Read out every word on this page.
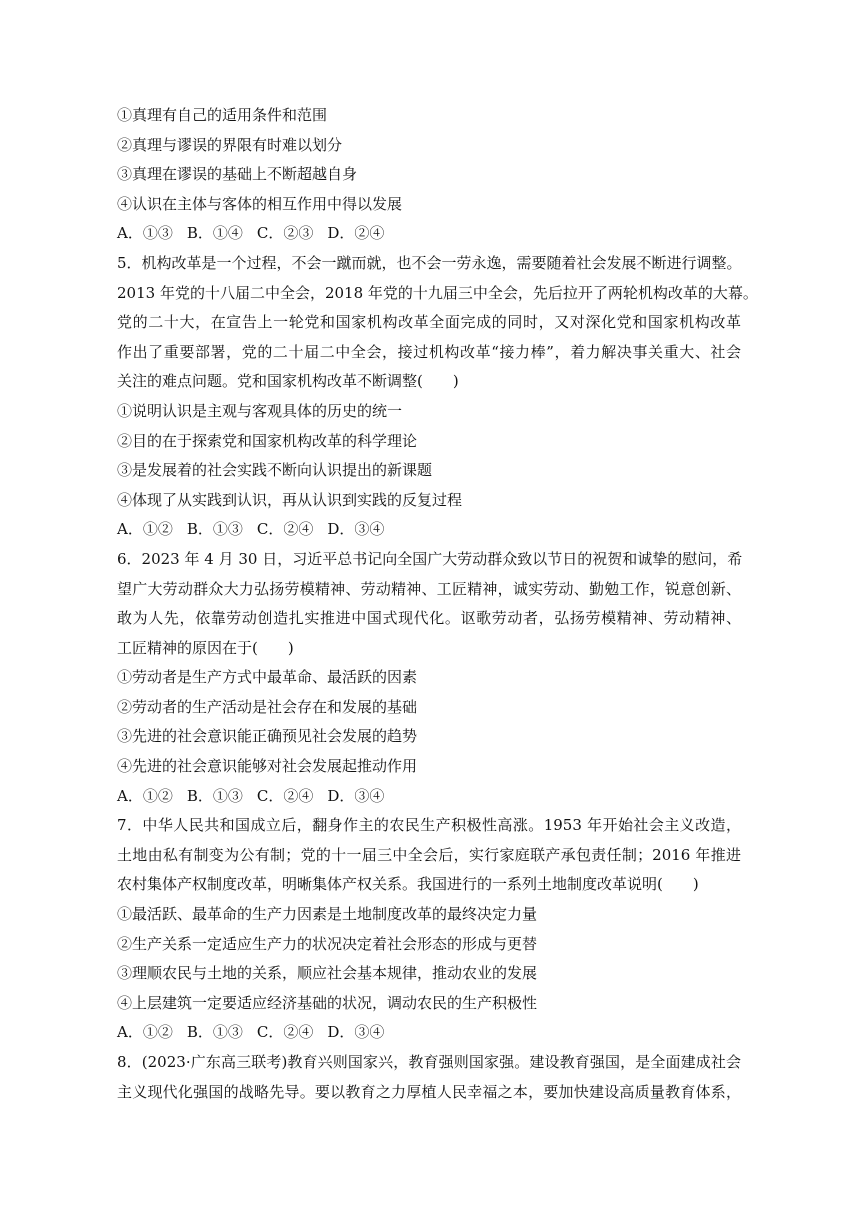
①真理有自己的适用条件和范围
②真理与谬误的界限有时难以划分
③真理在谬误的基础上不断超越自身
④认识在主体与客体的相互作用中得以发展
A．①③ B．①④ C．②③ D．②④
5．机构改革是一个过程，不会一蹴而就，也不会一劳永逸，需要随着社会发展不断进行调整。
2013 年党的十八届二中全会，2018 年党的十九届三中全会，先后拉开了两轮机构改革的大幕。
党的二十大，在宣告上一轮党和国家机构改革全面完成的同时，又对深化党和国家机构改革
作出了重要部署，党的二十届二中全会，接过机构改革“接力棒”，着力解决事关重大、社会
关注的难点问题。党和国家机构改革不断调整(　　)
①说明认识是主观与客观具体的历史的统一
②目的在于探索党和国家机构改革的科学理论
③是发展着的社会实践不断向认识提出的新课题
④体现了从实践到认识，再从认识到实践的反复过程
A．①② B．①③ C．②④ D．③④
6．2023 年 4 月 30 日，习近平总书记向全国广大劳动群众致以节日的祝贺和诚挚的慰问，希
望广大劳动群众大力弘扬劳模精神、劳动精神、工匠精神，诚实劳动、勤勉工作，锐意创新、
敢为人先，依靠劳动创造扎实推进中国式现代化。讴歌劳动者，弘扬劳模精神、劳动精神、
工匠精神的原因在于(　　)
①劳动者是生产方式中最革命、最活跃的因素
②劳动者的生产活动是社会存在和发展的基础
③先进的社会意识能正确预见社会发展的趋势
④先进的社会意识能够对社会发展起推动作用
A．①② B．①③ C．②④ D．③④
7．中华人民共和国成立后，翻身作主的农民生产积极性高涨。1953 年开始社会主义改造，
土地由私有制变为公有制；党的十一届三中全会后，实行家庭联产承包责任制；2016 年推进
农村集体产权制度改革，明晰集体产权关系。我国进行的一系列土地制度改革说明(　　)
①最活跃、最革命的生产力因素是土地制度改革的最终决定力量
②生产关系一定适应生产力的状况决定着社会形态的形成与更替
③理顺农民与土地的关系，顺应社会基本规律，推动农业的发展
④上层建筑一定要适应经济基础的状况，调动农民的生产积极性
A．①② B．①③ C．②④ D．③④
8．(2023·广东高三联考)教育兴则国家兴，教育强则国家强。建设教育强国，是全面建成社会
主义现代化强国的战略先导。要以教育之力厚植人民幸福之本，要加快建设高质量教育体系，
